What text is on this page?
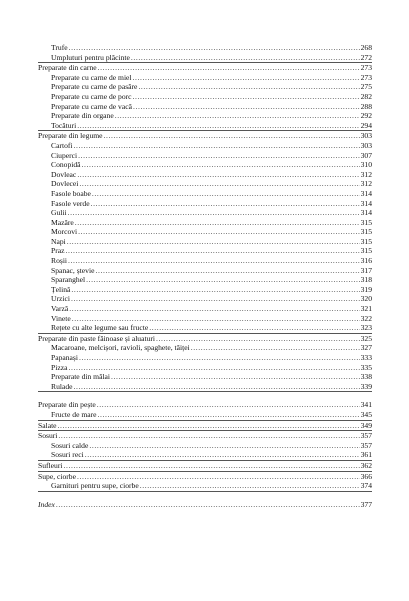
Trufe .....	268
Umpluturi pentru plăcinte .....	272
Preparate din carne .....	273
Preparate cu carne de miel .....	273
Preparate cu carne de pasăre .....	275
Preparate cu carne de porc .....	282
Preparate cu carne de vacă .....	288
Preparate din organe .....	292
Tocături .....	294
Preparate din legume .....	303
Cartofi .....	303
Ciuperci .....	307
Conopidă .....	310
Dovleac .....	312
Dovlecei .....	312
Fasole boabe .....	314
Fasole verde .....	314
Gulii .....	314
Mazăre .....	315
Morcovi .....	315
Napi .....	315
Praz .....	315
Roșii .....	316
Spanac, ștevie .....	317
Sparanghel .....	318
Țelină .....	319
Urzici .....	320
Varză .....	321
Vinete .....	322
Rețete cu alte legume sau fructe .....	323
Preparate din paste făinoase și aluaturi .....	325
Macaroane, melcișori, ravioli, spaghete, tăiței .....	327
Papanași .....	333
Pizza .....	335
Preparate din mălai .....	338
Rulade .....	339
Preparate din pește .....	341
Fructe de mare .....	345
Salate .....	349
Sosuri .....	357
Sosuri calde .....	357
Sosuri reci .....	361
Sufleuri .....	362
Supe, ciorbe .....	366
Garnituri pentru supe, ciorbe .....	374
Index .....	377
